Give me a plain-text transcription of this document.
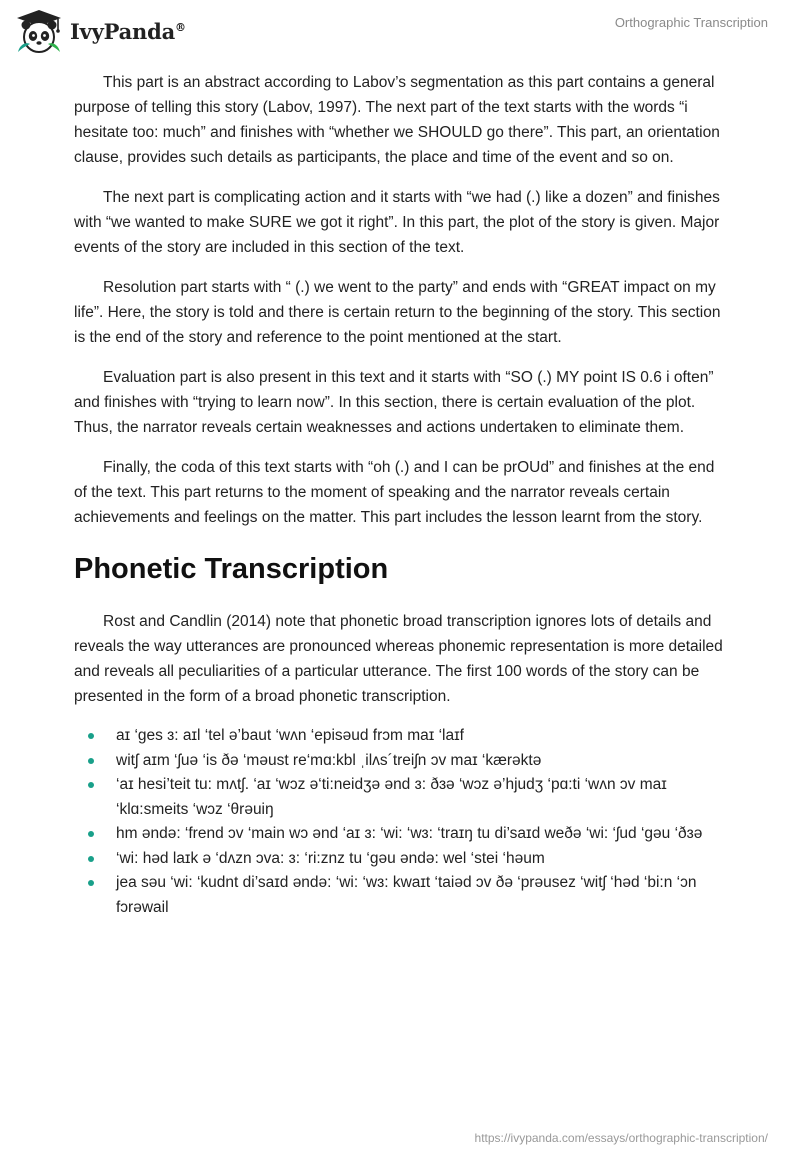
IvyPanda®	Orthographic Transcription

This part is an abstract according to Labov’s segmentation as this part contains a general purpose of telling this story (Labov, 1997). The next part of the text starts with the words “i hesitate too: much” and finishes with “whether we SHOULD go there”. This part, an orientation clause, provides such details as participants, the place and time of the event and so on.

The next part is complicating action and it starts with “we had (.) like a dozen” and finishes with “we wanted to make SURE we got it right”. In this part, the plot of the story is given. Major events of the story are included in this section of the text.

Resolution part starts with “ (.) we went to the party” and ends with “GREAT impact on my life”. Here, the story is told and there is certain return to the beginning of the story. This section is the end of the story and reference to the point mentioned at the start.

Evaluation part is also present in this text and it starts with “SO (.) MY point IS 0.6 i often” and finishes with “trying to learn now”. In this section, there is certain evaluation of the plot. Thus, the narrator reveals certain weaknesses and actions undertaken to eliminate them.

Finally, the coda of this text starts with “oh (.) and I can be prOUd” and finishes at the end of the text. This part returns to the moment of speaking and the narrator reveals certain achievements and feelings on the matter. This part includes the lesson learnt from the story.

Phonetic Transcription

Rost and Candlin (2014) note that phonetic broad transcription ignores lots of details and reveals the way utterances are pronounced whereas phonemic representation is more detailed and reveals all peculiarities of a particular utterance. The first 100 words of the story can be presented in the form of a broad phonetic transcription.

aɪ ‘ges ɜ: aɪl ‘tel ə’baut ‘wʌn ‘episəud frɔm maɪ ‘laɪf
witʃ aɪm ‘ʃuə ‘is ðə ‘məust re‘mɑ:kbl ˌilʌs´treiʃn ɔv maɪ ‘kærəktə
‘aɪ hesi’teit tu: mʌtʃ. ‘aɪ ‘wɔz ə‘ti:neidʒə ənd ɜ: ðɜə ‘wɔz ə’hjudʒ ‘pɑ:ti ‘wʌn ɔv maɪ ‘klɑ:smeits ‘wɔz ‘θrəuiŋ
hm əndə: ‘frend ɔv ‘main wɔ ənd ‘aɪ ɜ: ‘wi: ‘wɜ: ‘traɪŋ tu di’saɪd weðə ‘wi: ‘ʃud ‘gəu ‘ðɜə
‘wi: həd laɪk ə ‘dʌzn ɔva: ɜ: ‘ri:znz tu ‘gəu əndə: wel ‘stei ‘həum
jea səu ‘wi: ‘kudnt di’saɪd əndə: ‘wi: ‘wɜ: kwaɪt ‘taiəd ɔv ðə ‘prəusez ‘witʃ ‘həd ‘bi:n ‘ɔn fɔrəwail
https://ivypanda.com/essays/orthographic-transcription/
